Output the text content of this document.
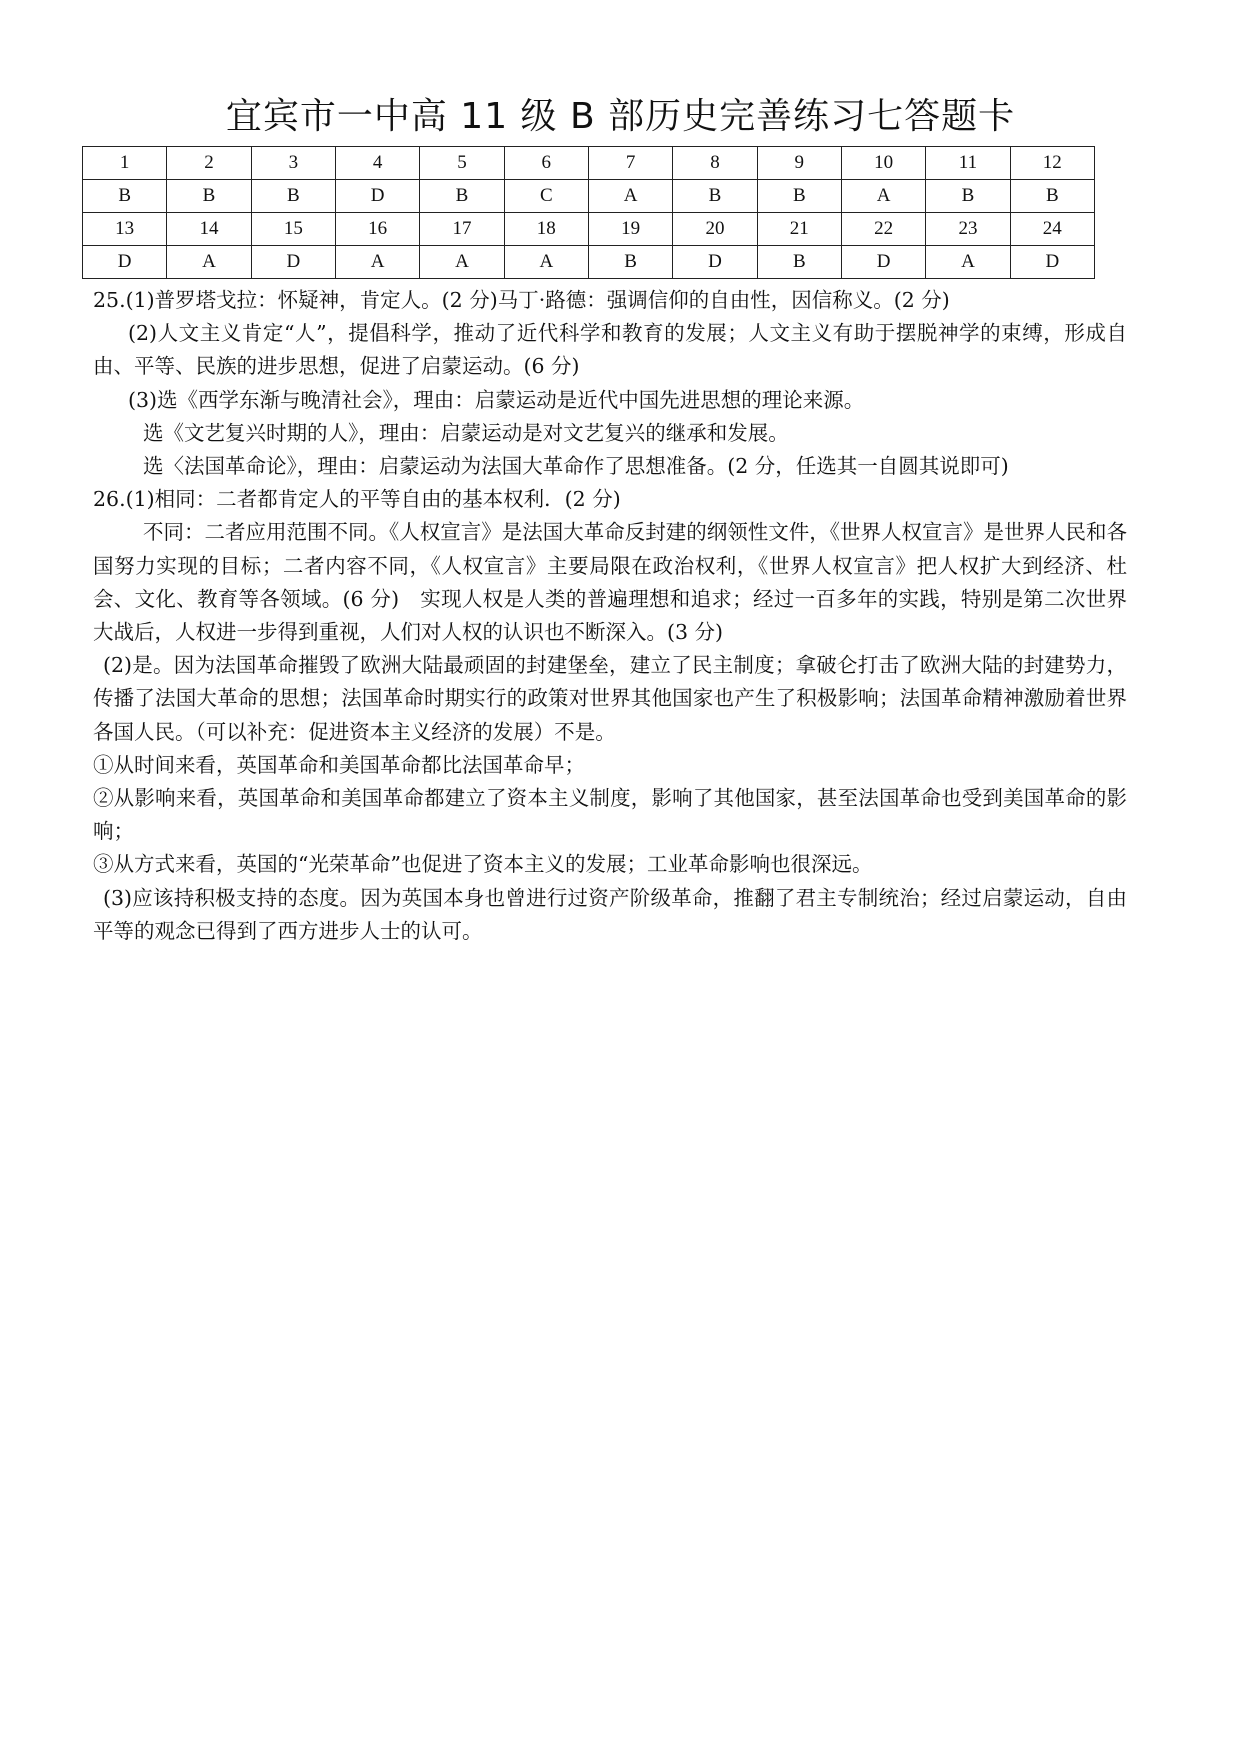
宜宾市一中高 11 级 B 部历史完善练习七答题卡
1	2	3	4	5	6	7	8	9	10	11	12
B	B	B	D	B	C	A	B	B	A	B	B
13	14	15	16	17	18	19	20	21	22	23	24
D	A	D	A	A	A	B	D	B	D	A	D

25.(1)普罗塔戈拉：怀疑神，肯定人。(2 分)马丁·路德：强调信仰的自由性，因信称义。(2 分)

(2)人文主义肯定“人”，提倡科学，推动了近代科学和教育的发展；人文主义有助于摆脱神学的束缚，形成自由、平等、民族的进步思想，促进了启蒙运动。(6 分)

(3)选《西学东渐与晚清社会》，理由：启蒙运动是近代中国先进思想的理论来源。

选《文艺复兴时期的人》，理由：启蒙运动是对文艺复兴的继承和发展。

选〈法国革命论》，理由：启蒙运动为法国大革命作了思想准备。(2 分，任选其一自圆其说即可)

26.(1)相同：二者都肯定人的平等自由的基本权利．(2 分)

不同：二者应用范围不同。《人权宣言》是法国大革命反封建的纲领性文件，《世界人权宣言》是世界人民和各国努力实现的目标；二者内容不同，《人权宣言》主要局限在政治权利，《世界人权宣言》把人权扩大到经济、杜会、文化、教育等各领域。(6 分)　实现人权是人类的普遍理想和追求；经过一百多年的实践，特别是第二次世界大战后，人权进一步得到重视，人们对人权的认识也不断深入。(3 分)

(2)是。因为法国革命摧毁了欧洲大陆最顽固的封建堡垒，建立了民主制度；拿破仑打击了欧洲大陆的封建势力，传播了法国大革命的思想；法国革命时期实行的政策对世界其他国家也产生了积极影响；法国革命精神激励着世界各国人民。（可以补充：促进资本主义经济的发展）不是。

①从时间来看，英国革命和美国革命都比法国革命早；

②从影响来看，英国革命和美国革命都建立了资本主义制度，影响了其他国家，甚至法国革命也受到美国革命的影响；

③从方式来看，英国的“光荣革命”也促进了资本主义的发展；工业革命影响也很深远。

(3)应该持积极支持的态度。因为英国本身也曾进行过资产阶级革命，推翻了君主专制统治；经过启蒙运动，自由平等的观念已得到了西方进步人士的认可。
